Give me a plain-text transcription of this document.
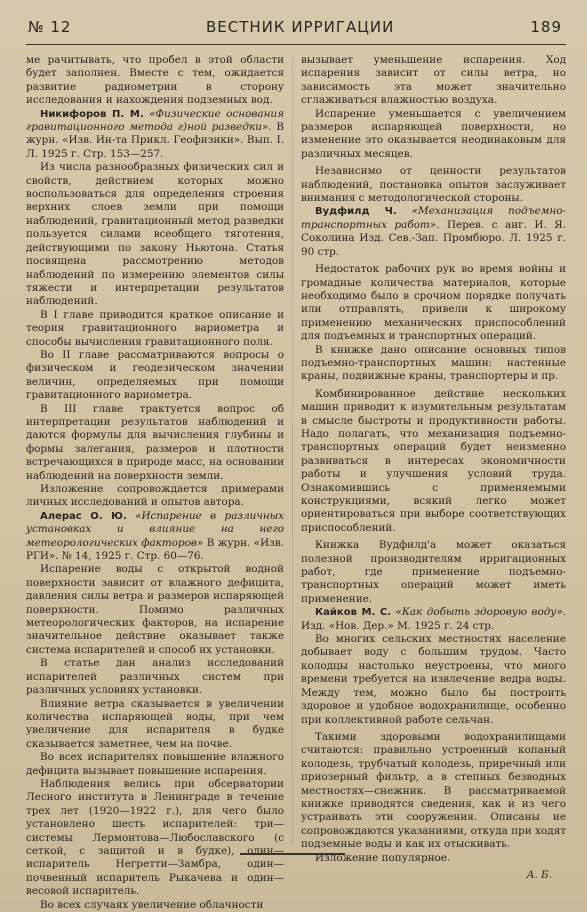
№ 12	ВЕСТНИК ИРРИГАЦИИ	189

ме рачитывать, что пробел в этой области будет заполнен. Вместе с тем, ожидается развитие радиометрии в сторону исследования и нахождения подземных вод.

Никифоров П. М. «Физические основания гравитационного метода г)ной разведки». В журн. «Изв. Ин-та Прикл. Геофизики». Вып. I. Л. 1925 г. Стр. 153—257.

Из числа разнообразных физических сил и свойств, действием которых можно воспользоваться для определения строения верхних слоев земли при помощи наблюдений, гравитационный метод разведки пользуется силами всеобщего тяготения, действующими по закону Ньютона. Статья посвящена рассмотрению методов наблюдений по измерению элементов силы тяжести и интерпретации результатов наблюдений.

В I главе приводится краткое описание и теория гравитационного вариометра и способы вычисления гравитационного поля.

Во II главе рассматриваются вопросы о физическом и геодезическом значении величин, определяемых при помощи гравитационного вариометра.

В III главе трактуется вопрос об интерпретации результатов наблюдений и даются формулы для вычисления глубины и формы залегания, размеров и плотности встречающихся в природе масс, на основании наблюдений на поверхности земли.

Изложение сопровождается примерами личных исследований и опытов автора.

Алерас О. Ю. «Испарение в различных установках и влияние на него метеорологических факторов» В журн. «Изв. РГИ». № 14, 1925 г. Стр. 60—76.

Испарение воды с открытой водной поверхности зависит от влажного дефицита, давления силы ветра и размеров испаряющей поверхности. Помимо различных метеорологических факторов, на испарение значительное действие оказывает также система испарителей и способ их установки.

В статье дан анализ исследований испарителей различных систем при различных условиях установки.

Влияние ветра сказывается в увеличении количества испаряющей воды, при чем увеличение для испарителя в будке сказывается заметнее, чем на почве.

Во всех испарителях повышение влажного дефицита вызывает повышение испарения.

Наблюдения велись при обсерватории Лесного института в Ленинграде в течение трех лет (1920—1922 г.), для чего было установлено шесть испарителей: три—системы Лермонтова—Любославского (с сеткой, с защитой и в будке), один—испаритель Негретти—Замбра, один—почвенный испаритель Рыкачева и один—весовой испаритель.

Во всех случаях увеличение облачности

вызывает уменьшение испарения. Ход испарения зависит от силы ветра, но зависимость эта может значительно сглаживаться влажностью воздуха.

Испарение уменьшается с увеличением размеров испаряющей поверхности, но изменение это оказывается неодинаковым для различных месяцев.

Независимо от ценности результатов наблюдений, постановка опытов заслуживает внимания с методологической стороны.

Вудфилд Ч. «Механизация подъемно-транспортных работ». Перев. с анг. И. Я. Соколина Изд. Сев.-Зап. Промбюро. Л. 1925 г. 90 стр.

Недостаток рабочих рук во время войны и громадные количества материалов, которые необходимо было в срочном порядке получать или отправлять, привели к широкому применению механических приспособлений для подъемных и транспортных операций.

В книжке дано описание основных типов подъемно-транспортных машин: настенные краны, подвижные краны, транспортеры и пр.

Комбинированное действие нескольких машин приводит к изумительным результатам в смысле быстроты и продуктивности работы. Надо полагать, что механизация подъемно-транспортных операций будет неизменно развиваться в интересах экономичности работы и улучшения условий труда. Ознакомившись с применяемыми конструкциями, всякий легко может ориентироваться при выборе соответствующих приспособлений.

Книжка Вудфилд'а может оказаться полезной производителям ирригационных работ, где применение подъемно-транспортных операций может иметь применение.

Кайков М. С. «Как добыть здоровую воду». Изд. «Нов. Дер.» М. 1925 г. 24 стр.

Во многих сельских местностях население добывает воду с большим трудом. Часто колодцы настолько неустроены, что много времени требуется на извлечение ведра воды. Между тем, можно было бы построить здоровое и удобное водохранилище, особенно при коллективной работе сельчан.

Такими здоровыми водохранилищами считаются: правильно устроенный копаный колодезь, трубчатый колодезь, приречный или приозерный фильтр, а в степных безводных местностях—снежник. В рассматриваемой книжке приводятся сведения, как и из чего устраивать эти сооружения. Описаны ие сопровождаются указаниями, откуда при ходят подземные воды и как их отыскивать.

Изложение популярное.

А. Б.
